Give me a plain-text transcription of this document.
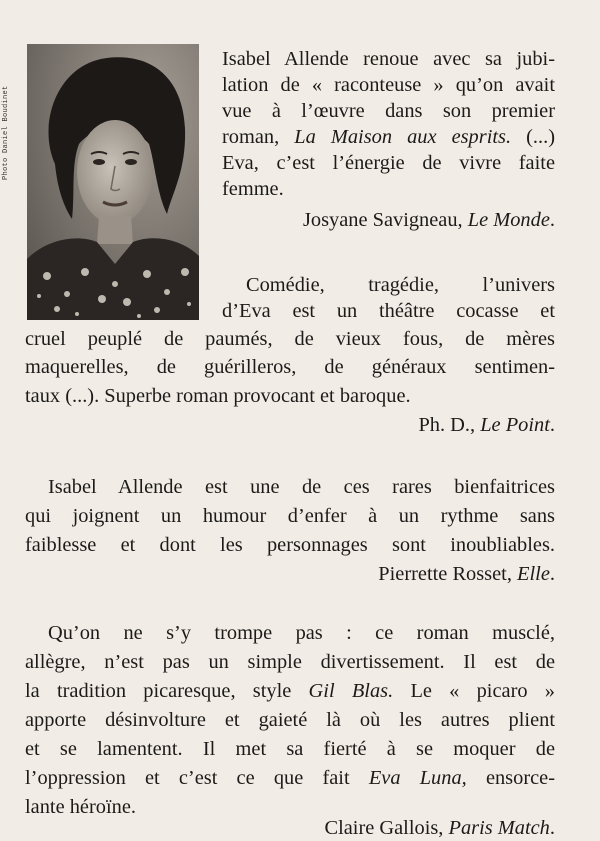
Photo Daniel Boudinet
Isabel Allende renoue avec sa jubi-
lation de « raconteuse » qu’on avait
vue à l’œuvre dans son premier
roman, La Maison aux esprits. (...)
Eva, c’est l’énergie de vivre faite
femme.
Josyane Savigneau, Le Monde.
Comédie, tragédie, l’univers
d’Eva est un théâtre cocasse et
cruel peuplé de paumés, de vieux fous, de mères
maquerelles, de guérilleros, de généraux sentimen-
taux (...). Superbe roman provocant et baroque.
Ph. D., Le Point.
Isabel Allende est une de ces rares bienfaitrices
qui joignent un humour d’enfer à un rythme sans
faiblesse et dont les personnages sont inoubliables.
Pierrette Rosset, Elle.
Qu’on ne s’y trompe pas : ce roman musclé,
allègre, n’est pas un simple divertissement. Il est de
la tradition picaresque, style Gil Blas. Le « picaro »
apporte désinvolture et gaieté là où les autres plient
et se lamentent. Il met sa fierté à se moquer de
l’oppression et c’est ce que fait Eva Luna, ensorce-
lante héroïne.
Claire Gallois, Paris Match.
